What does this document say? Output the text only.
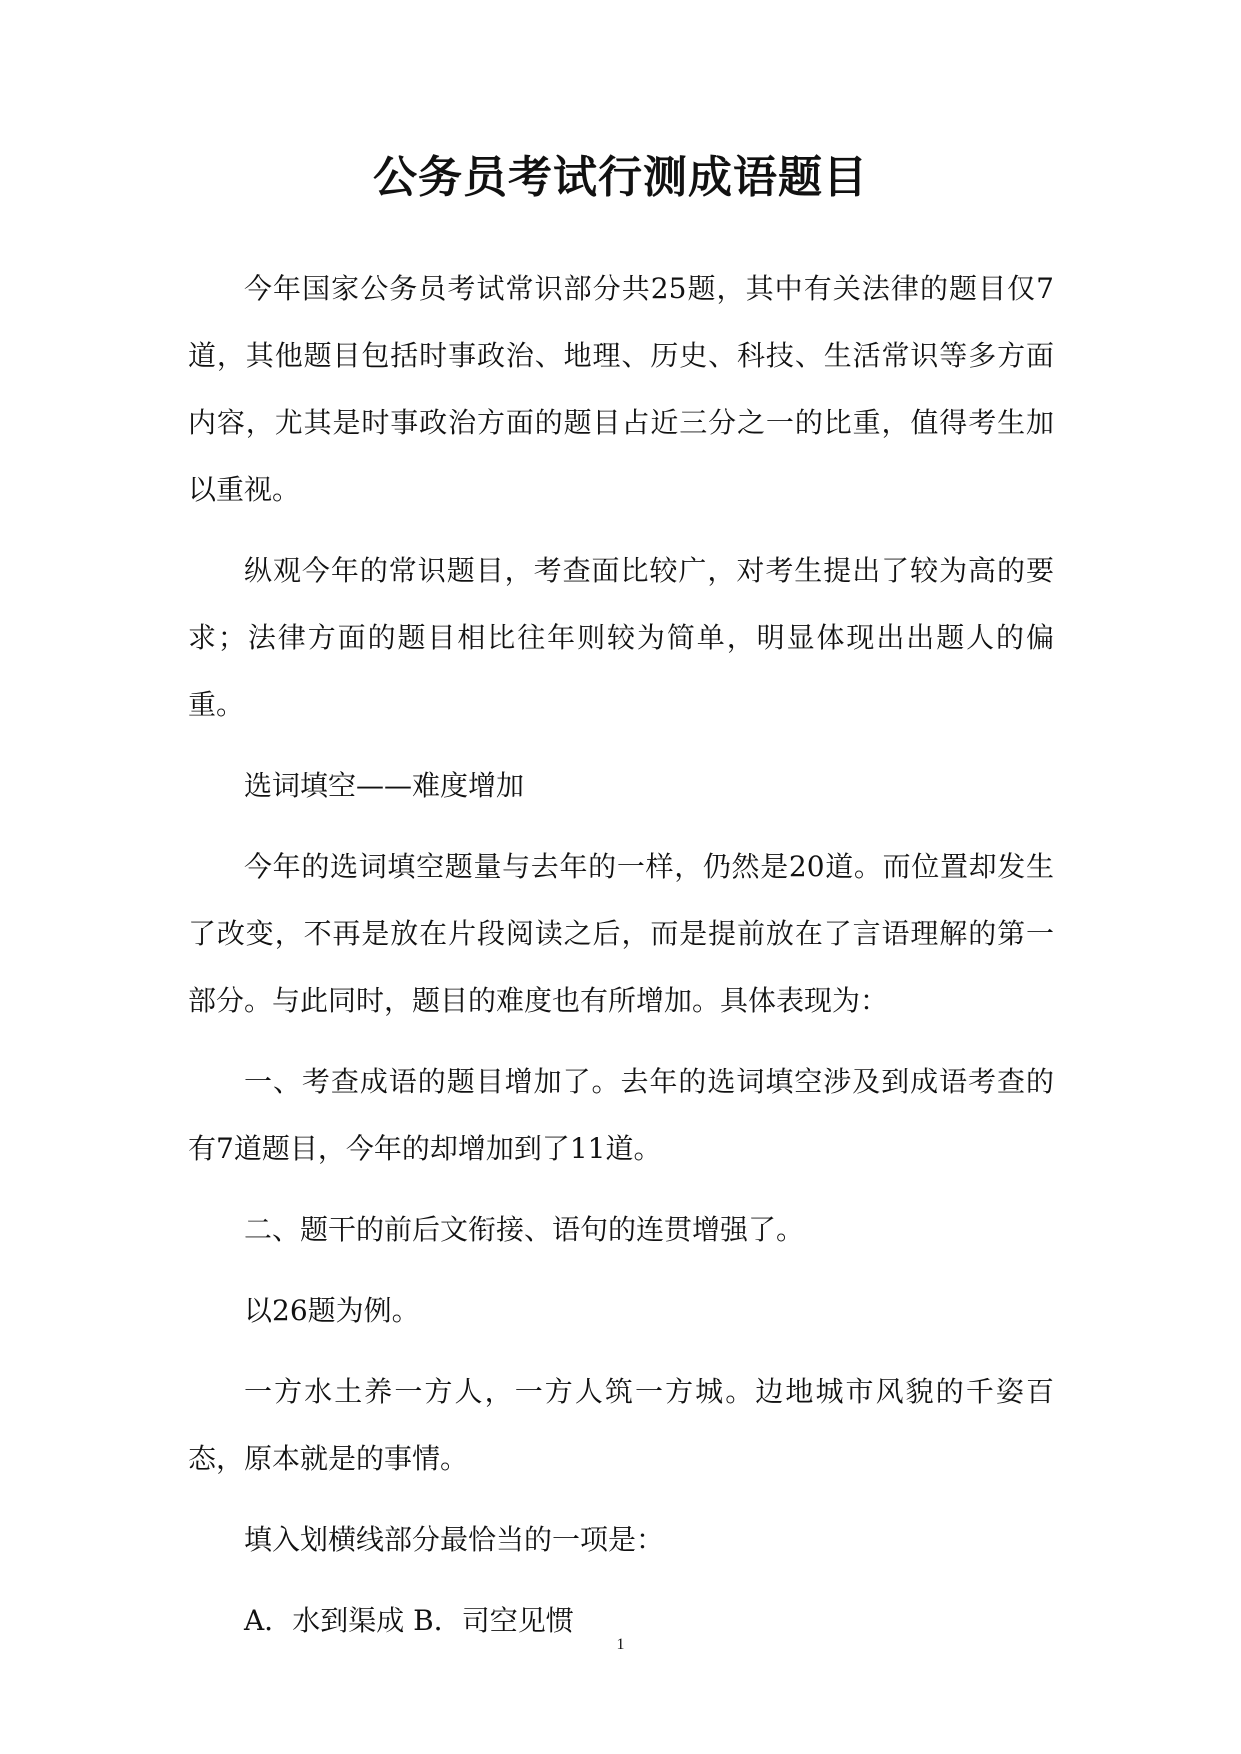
公务员考试行测成语题目

今年国家公务员考试常识部分共25题，其中有关法律的题目仅7道，其他题目包括时事政治、地理、历史、科技、生活常识等多方面内容，尤其是时事政治方面的题目占近三分之一的比重，值得考生加以重视。

纵观今年的常识题目，考查面比较广，对考生提出了较为高的要求；法律方面的题目相比往年则较为简单，明显体现出出题人的偏重。

选词填空——难度增加

今年的选词填空题量与去年的一样，仍然是20道。而位置却发生了改变，不再是放在片段阅读之后，而是提前放在了言语理解的第一部分。与此同时，题目的难度也有所增加。具体表现为：

一、考查成语的题目增加了。去年的选词填空涉及到成语考查的有7道题目，今年的却增加到了11道。

二、题干的前后文衔接、语句的连贯增强了。

以26题为例。

一方水土养一方人，一方人筑一方城。边地城市风貌的千姿百态，原本就是的事情。

填入划横线部分最恰当的一项是：

A．水到渠成 B．司空见惯

1
